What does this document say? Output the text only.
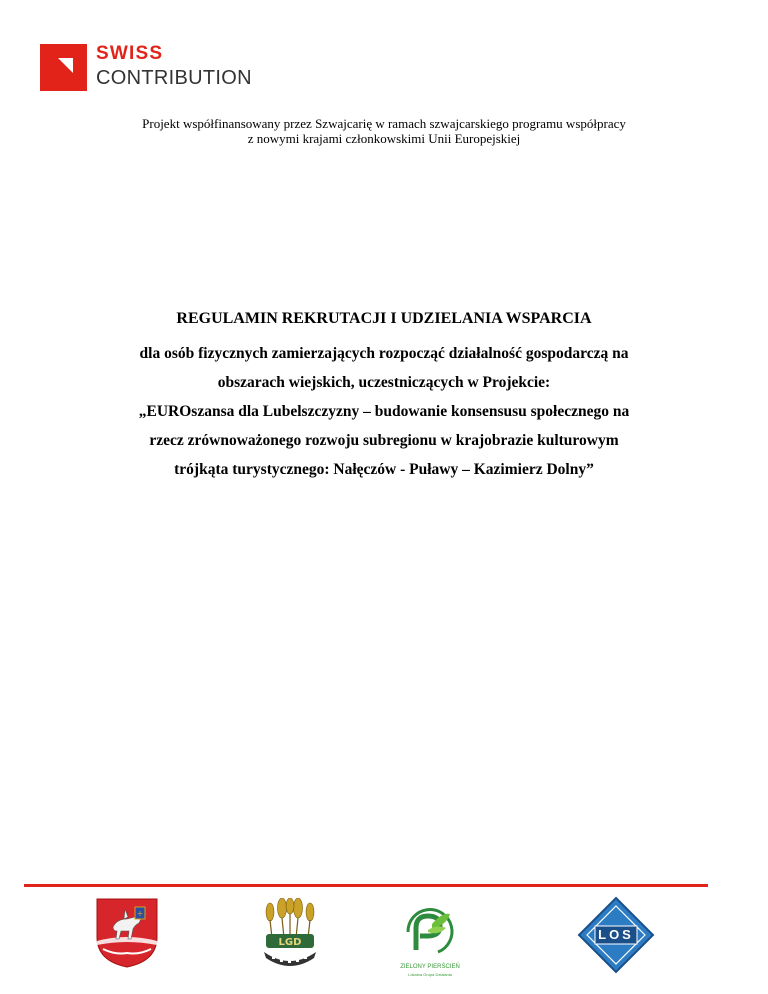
SWISS
CONTRIBUTION
Projekt współfinansowany przez Szwajcarię w ramach szwajcarskiego programu współpracy
z nowymi krajami członkowskimi Unii Europejskiej
REGULAMIN REKRUTACJI I UDZIELANIA WSPARCIA
dla osób fizycznych zamierzających rozpocząć działalność gospodarczą na
obszarach wiejskich, uczestniczących w Projekcie:
„EUROszansa dla Lubelszczyzny – budowanie konsensusu społecznego na
rzecz zrównoważonego rozwoju subregionu w krajobrazie kulturowym
trójkąta turystycznego: Nałęczów - Puławy – Kazimierz Dolny”
+
LGD
ZIELONY PIERŚCIEŃ
Lokalna Grupa Działania
LOS
